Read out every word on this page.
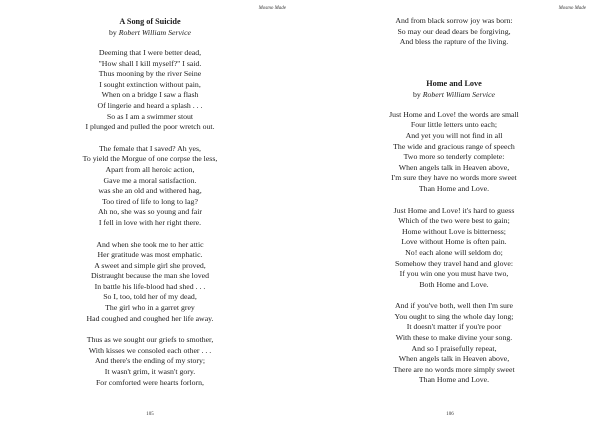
Mosmo Made

A Song of Suicide

by Robert William Service

Deeming that I were better dead,
"How shall I kill myself?" I said.
Thus mooning by the river Seine
I sought extinction without pain,
When on a bridge I saw a flash
Of lingerie and heard a splash . . .
So as I am a swimmer stout
I plunged and pulled the poor wretch out.
The female that I saved? Ah yes,
To yield the Morgue of one corpse the less,
Apart from all heroic action,
Gave me a moral satisfaction.
was she an old and withered hag,
Too tired of life to long to lag?
Ah no, she was so young and fair
I fell in love with her right there.
And when she took me to her attic
Her gratitude was most emphatic.
A sweet and simple girl she proved,
Distraught because the man she loved
In battle his life-blood had shed . . .
So I, too, told her of my dead,
The girl who in a garret grey
Had coughed and coughed her life away.
Thus as we sought our griefs to smother,
With kisses we consoled each other . . .
And there's the ending of my story;
It wasn't grim, it wasn't gory.
For comforted were hearts forlorn,
105
Mosmo Made
And from black sorrow joy was born:
So may our dead dears be forgiving,
And bless the rapture of the living.

Home and Love

by Robert William Service

Just Home and Love! the words are small
Four little letters unto each;
And yet you will not find in all
The wide and gracious range of speech
Two more so tenderly complete:
When angels talk in Heaven above,
I'm sure they have no words more sweet
Than Home and Love.
Just Home and Love! it's hard to guess
Which of the two were best to gain;
Home without Love is bitterness;
Love without Home is often pain.
No! each alone will seldom do;
Somehow they travel hand and glove:
If you win one you must have two,
Both Home and Love.
And if you've both, well then I'm sure
You ought to sing the whole day long;
It doesn't matter if you're poor
With these to make divine your song.
And so I praisefully repeat,
When angels talk in Heaven above,
There are no words more simply sweet
Than Home and Love.
106
